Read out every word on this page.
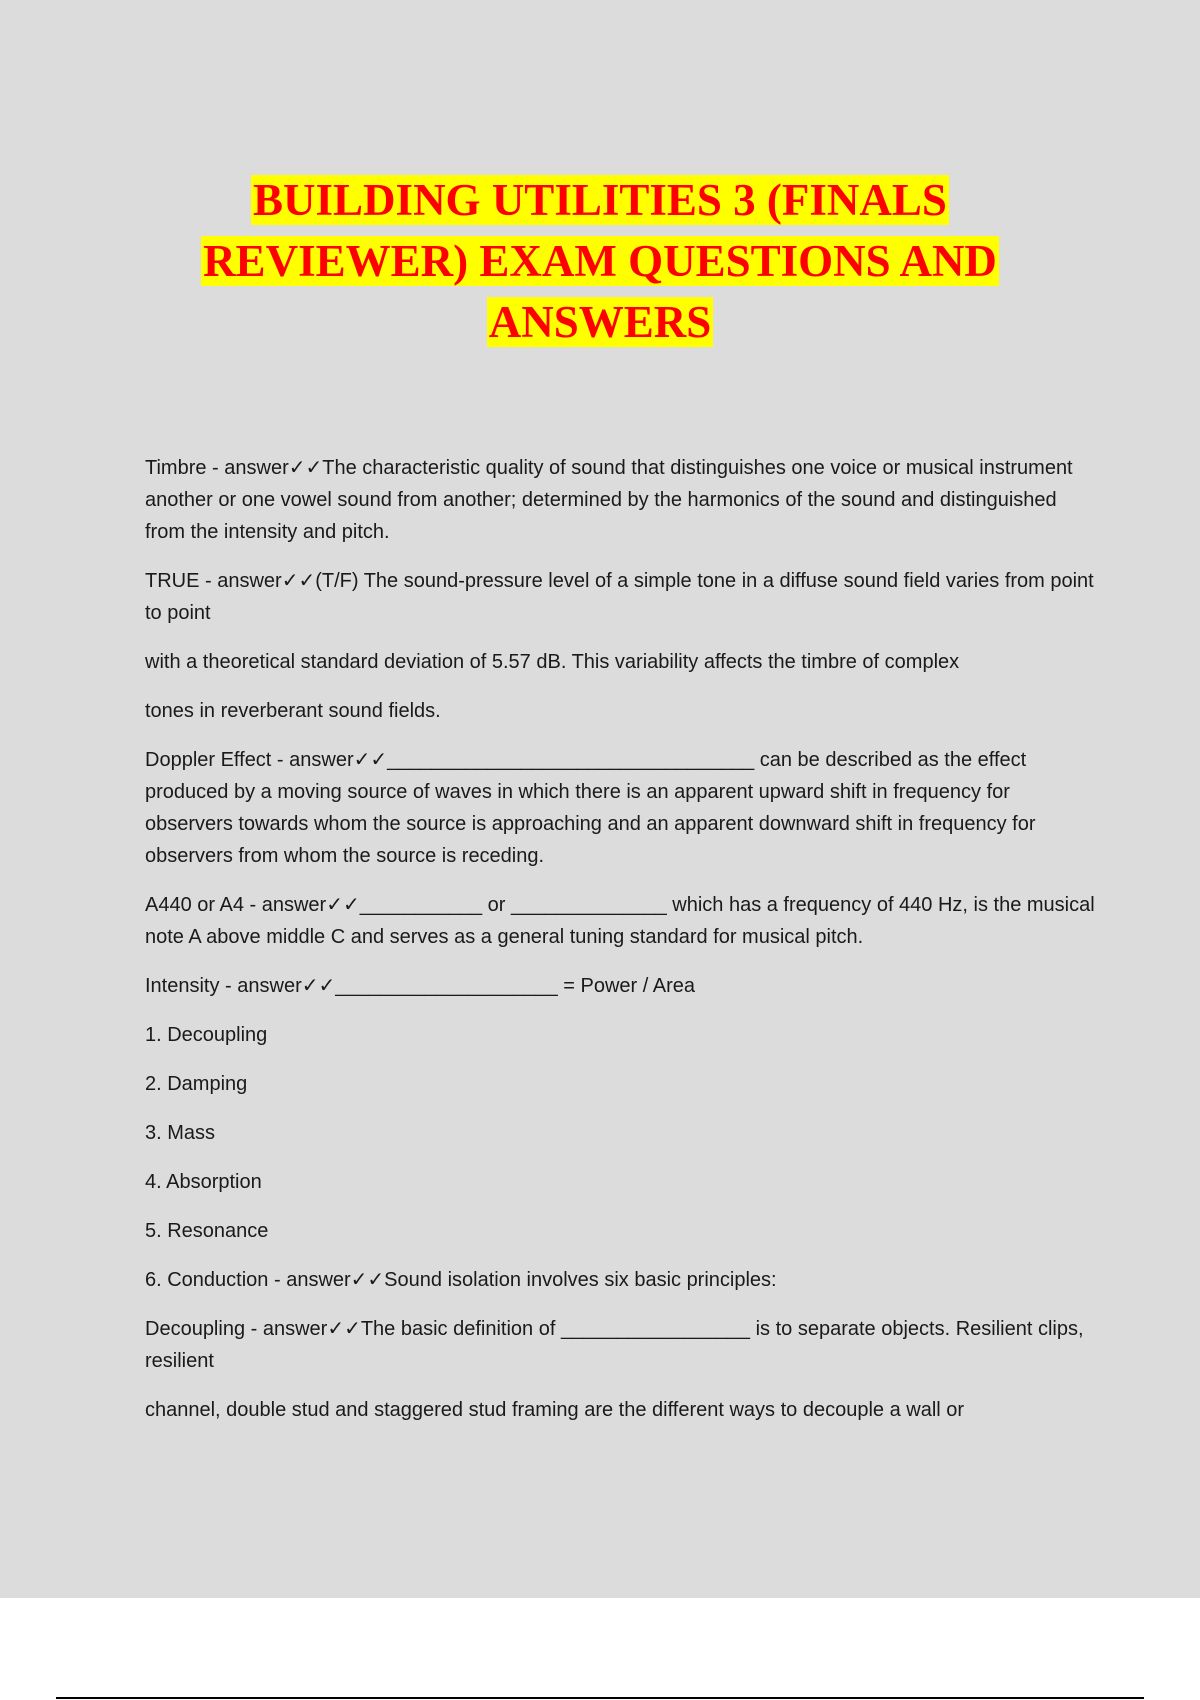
BUILDING UTILITIES 3 (FINALS
REVIEWER) EXAM QUESTIONS AND
ANSWERS

Timbre - answer✓✓The characteristic quality of sound that distinguishes one voice or musical instrument another or one vowel sound from another; determined by the harmonics of the sound and distinguished from the intensity and pitch.

TRUE - answer✓✓(T/F) The sound-pressure level of a simple tone in a diffuse sound field varies from point to point

with a theoretical standard deviation of 5.57 dB. This variability affects the timbre of complex

tones in reverberant sound fields.

Doppler Effect - answer✓✓_________________________________ can be described as the effect produced by a moving source of waves in which there is an apparent upward shift in frequency for observers towards whom the source is approaching and an apparent downward shift in frequency for observers from whom the source is receding.

A440 or A4 - answer✓✓___________ or ______________ which has a frequency of 440 Hz, is the musical note A above middle C and serves as a general tuning standard for musical pitch.

Intensity - answer✓✓____________________ = Power / Area

1. Decoupling

2. Damping

3. Mass

4. Absorption

5. Resonance

6. Conduction - answer✓✓Sound isolation involves six basic principles:

Decoupling - answer✓✓The basic definition of _________________ is to separate objects. Resilient clips, resilient

channel, double stud and staggered stud framing are the different ways to decouple a wall or
